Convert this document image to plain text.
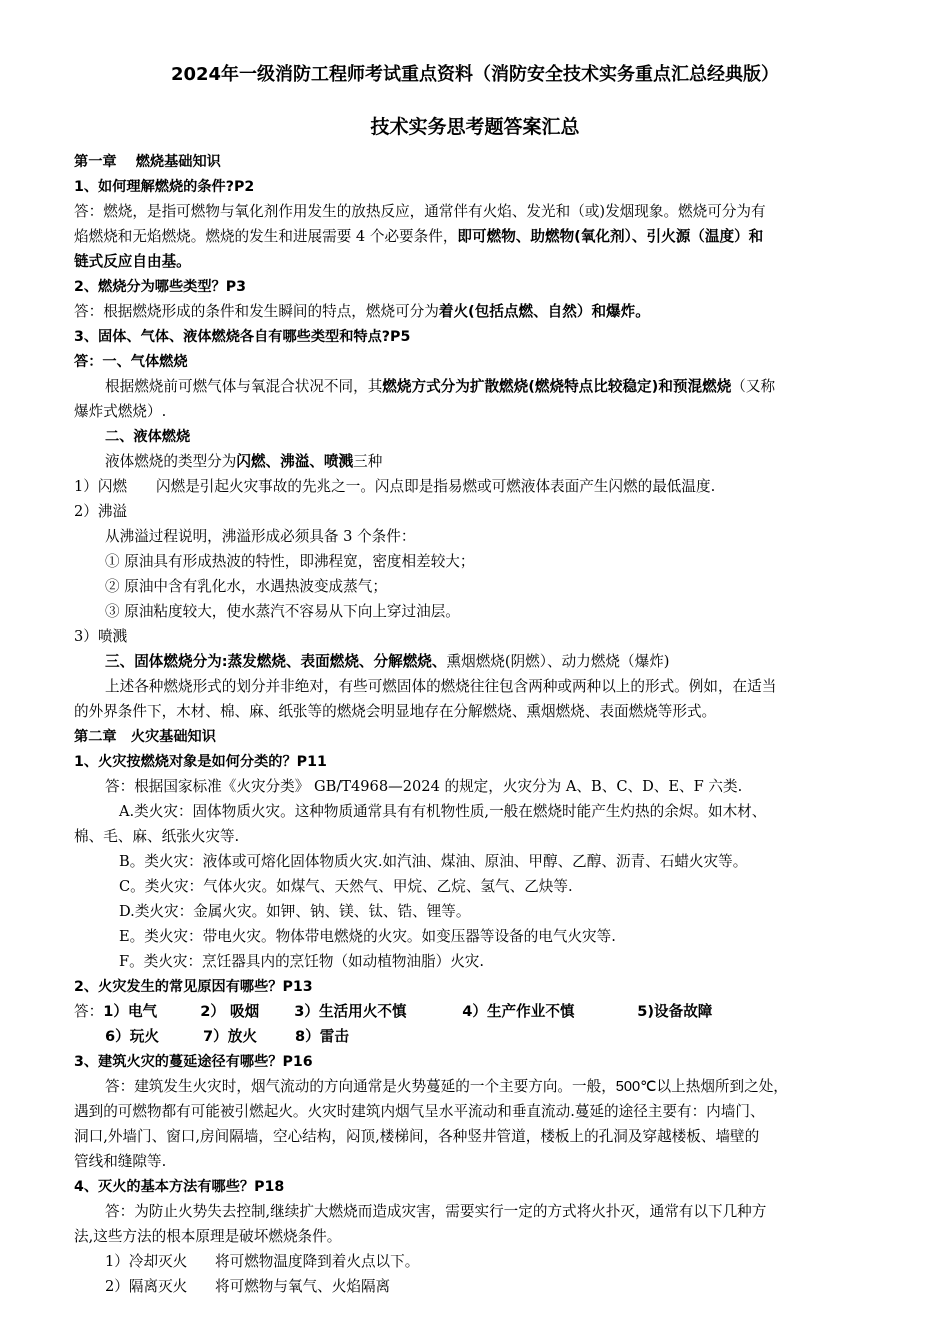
2024年一级消防工程师考试重点资料（消防安全技术实务重点汇总经典版）
技术实务思考题答案汇总
第一章　 燃烧基础知识
1、如何理解燃烧的条件?P2
答：燃烧，是指可燃物与氧化剂作用发生的放热反应，通常伴有火焰、发光和（或)发烟现象。燃烧可分为有
焰燃烧和无焰燃烧。燃烧的发生和进展需要 4 个必要条件，即可燃物、助燃物(氧化剂）、引火源（温度）和
链式反应自由基。
2、燃烧分为哪些类型？P3
答：根据燃烧形成的条件和发生瞬间的特点，燃烧可分为着火(包括点燃、自然）和爆炸。
3、固体、气体、液体燃烧各自有哪些类型和特点?P5
答：一、气体燃烧
根据燃烧前可燃气体与氧混合状况不同，其燃烧方式分为扩散燃烧(燃烧特点比较稳定)和预混燃烧（又称
爆炸式燃烧）.
二、液体燃烧
液体燃烧的类型分为闪燃、沸溢、喷溅三种
1）闪燃 闪燃是引起火灾事故的先兆之一。闪点即是指易燃或可燃液体表面产生闪燃的最低温度.
2）沸溢
从沸溢过程说明，沸溢形成必须具备 3 个条件：
① 原油具有形成热波的特性，即沸程宽，密度相差较大；
② 原油中含有乳化水，水遇热波变成蒸气；
③ 原油粘度较大，使水蒸汽不容易从下向上穿过油层。
3）喷溅
三、固体燃烧分为:蒸发燃烧、表面燃烧、分解燃烧、熏烟燃烧(阴燃）、动力燃烧（爆炸)
上述各种燃烧形式的划分并非绝对，有些可燃固体的燃烧往往包含两种或两种以上的形式。例如，在适当
的外界条件下，木材、棉、麻、纸张等的燃烧会明显地存在分解燃烧、熏烟燃烧、表面燃烧等形式。
第二章　火灾基础知识
1、火灾按燃烧对象是如何分类的？P11
答：根据国家标准《火灾分类》 GB/T4968—2024 的规定，火灾分为 A、B、C、D、E、F 六类.
A.类火灾：固体物质火灾。这种物质通常具有有机物性质,一般在燃烧时能产生灼热的余烬。如木材、
棉、毛、麻、纸张火灾等.
B。类火灾：液体或可熔化固体物质火灾.如汽油、煤油、原油、甲醇、乙醇、沥青、石蜡火灾等。
C。类火灾：气体火灾。如煤气、天然气、甲烷、乙烷、氢气、乙炔等.
D.类火灾：金属火灾。如钾、钠、镁、钛、锆、锂等。
E。类火灾：带电火灾。物体带电燃烧的火灾。如变压器等设备的电气火灾等.
F。类火灾：烹饪器具内的烹饪物（如动植物油脂）火灾.
2、火灾发生的常见原因有哪些？P13
答：1）电气	2） 吸烟 3）生活用火不慎	4）生产作业不慎	5)设备故障
6）玩火	7）放火	8）雷击
3、建筑火灾的蔓延途径有哪些？P16
答：建筑发生火灾时，烟气流动的方向通常是火势蔓延的一个主要方向。一般，500℃以上热烟所到之处，
遇到的可燃物都有可能被引燃起火。火灾时建筑内烟气呈水平流动和垂直流动.蔓延的途径主要有：内墙门、
洞口,外墙门、窗口,房间隔墙，空心结构，闷顶,楼梯间，各种竖井管道，楼板上的孔洞及穿越楼板、墙壁的
管线和缝隙等.
4、灭火的基本方法有哪些？P18
答：为防止火势失去控制,继续扩大燃烧而造成灾害，需要实行一定的方式将火扑灭，通常有以下几种方
法,这些方法的根本原理是破坏燃烧条件。
1）冷却灭火 将可燃物温度降到着火点以下。
2）隔离灭火 将可燃物与氧气、火焰隔离
